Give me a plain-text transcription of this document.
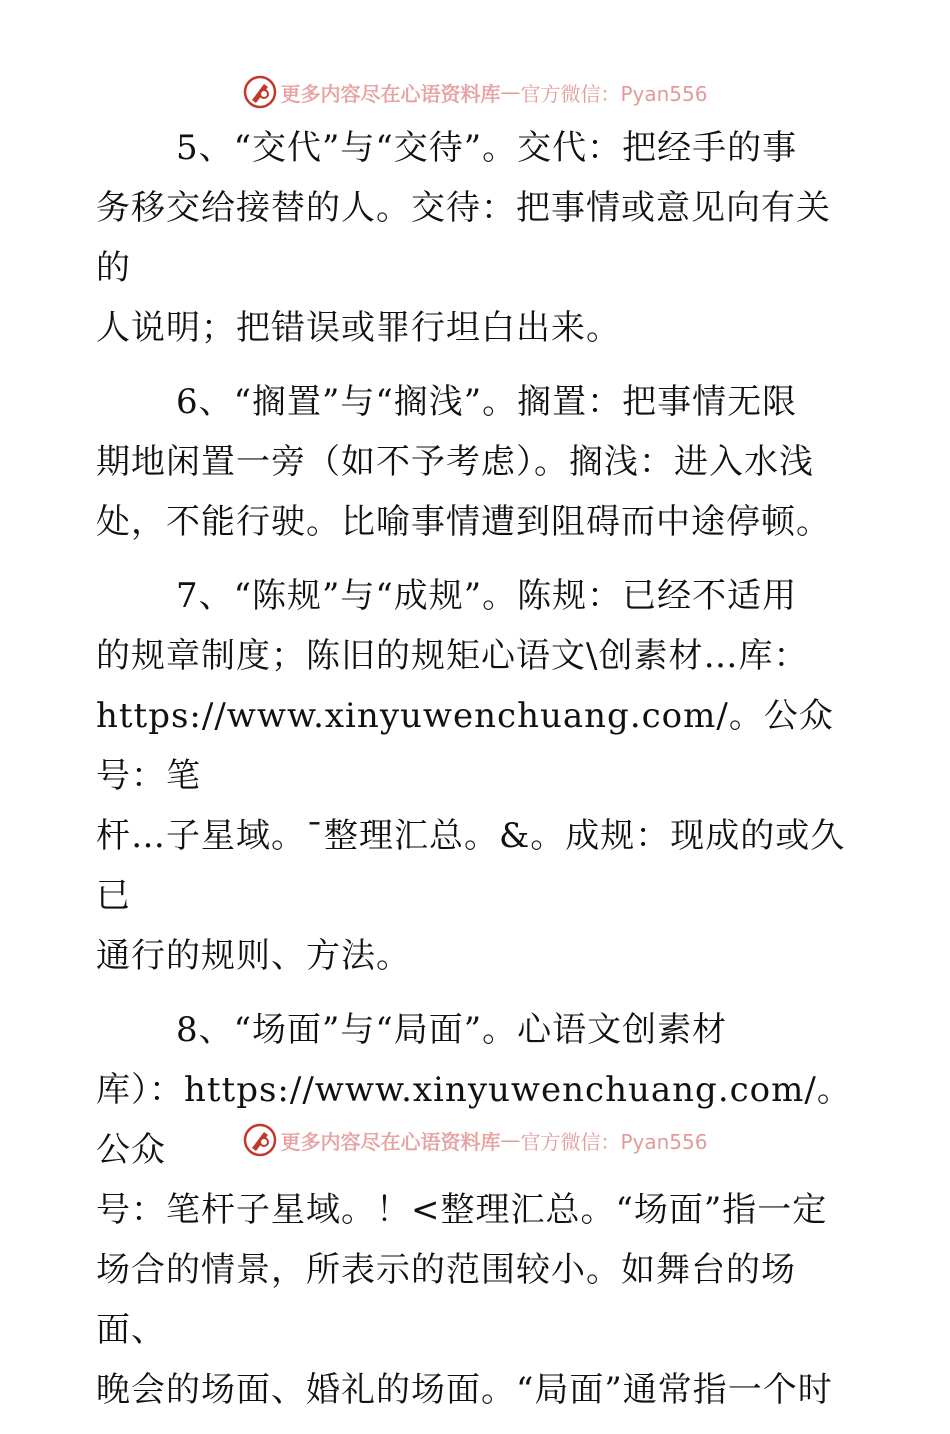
更多内容尽在心语资料库 — 官方微信：Pyan556
5、“交代”与“交待”。交代：把经手的事
务移交给接替的人。交待：把事情或意见向有关的
人说明；把错误或罪行坦白出来。
6、“搁置”与“搁浅”。搁置：把事情无限
期地闲置一旁（如不予考虑）。搁浅：进入水浅
处，不能行驶。比喻事情遭到阻碍而中途停顿。
7、“陈规”与“成规”。陈规：已经不适用
的规章制度；陈旧的规矩心语文\创素材…库：
https://www.xinyuwenchuang.com/。公众号：笔
杆…子星域。¯整理汇总。&。成规：现成的或久已
通行的规则、方法。
8、“场面”与“局面”。心语文创素材
库）：https://www.xinyuwenchuang.com/。公众
号：笔杆子星域。！<整理汇总。“场面”指一定
场合的情景，所表示的范围较小。如舞台的场面、
晚会的场面、婚礼的场面。“局面”通常指一个时
更多内容尽在心语资料库 — 官方微信：Pyan556
